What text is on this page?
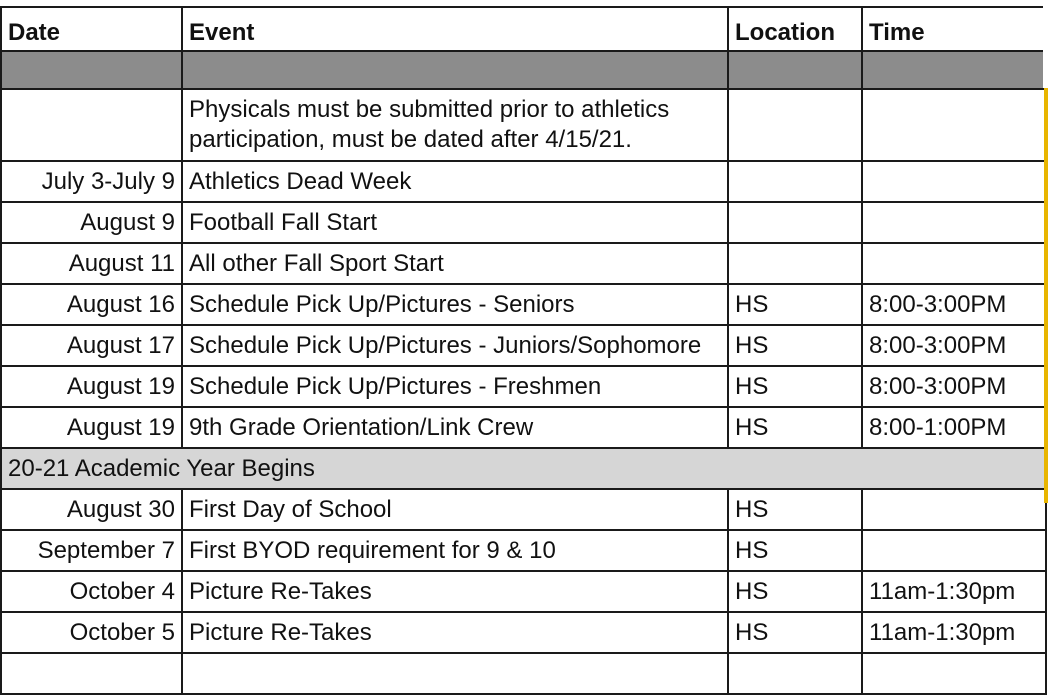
Date	Event	Location	Time

	Physicals must be submitted prior to athletics participation, must be dated after 4/15/21.		
July 3-July 9	Athletics Dead Week		
August 9	Football Fall Start		
August 11	All other Fall Sport Start		
August 16	Schedule Pick Up/Pictures - Seniors	HS	8:00-3:00PM
August 17	Schedule Pick Up/Pictures - Juniors/Sophomore	HS	8:00-3:00PM
August 19	Schedule Pick Up/Pictures - Freshmen	HS	8:00-3:00PM
August 19	9th Grade Orientation/Link Crew	HS	8:00-1:00PM
20-21 Academic Year Begins			
August 30	First Day of School	HS	
September 7	First BYOD requirement for 9 & 10	HS	
October 4	Picture Re-Takes	HS	11am-1:30pm
October 5	Picture Re-Takes	HS	11am-1:30pm
